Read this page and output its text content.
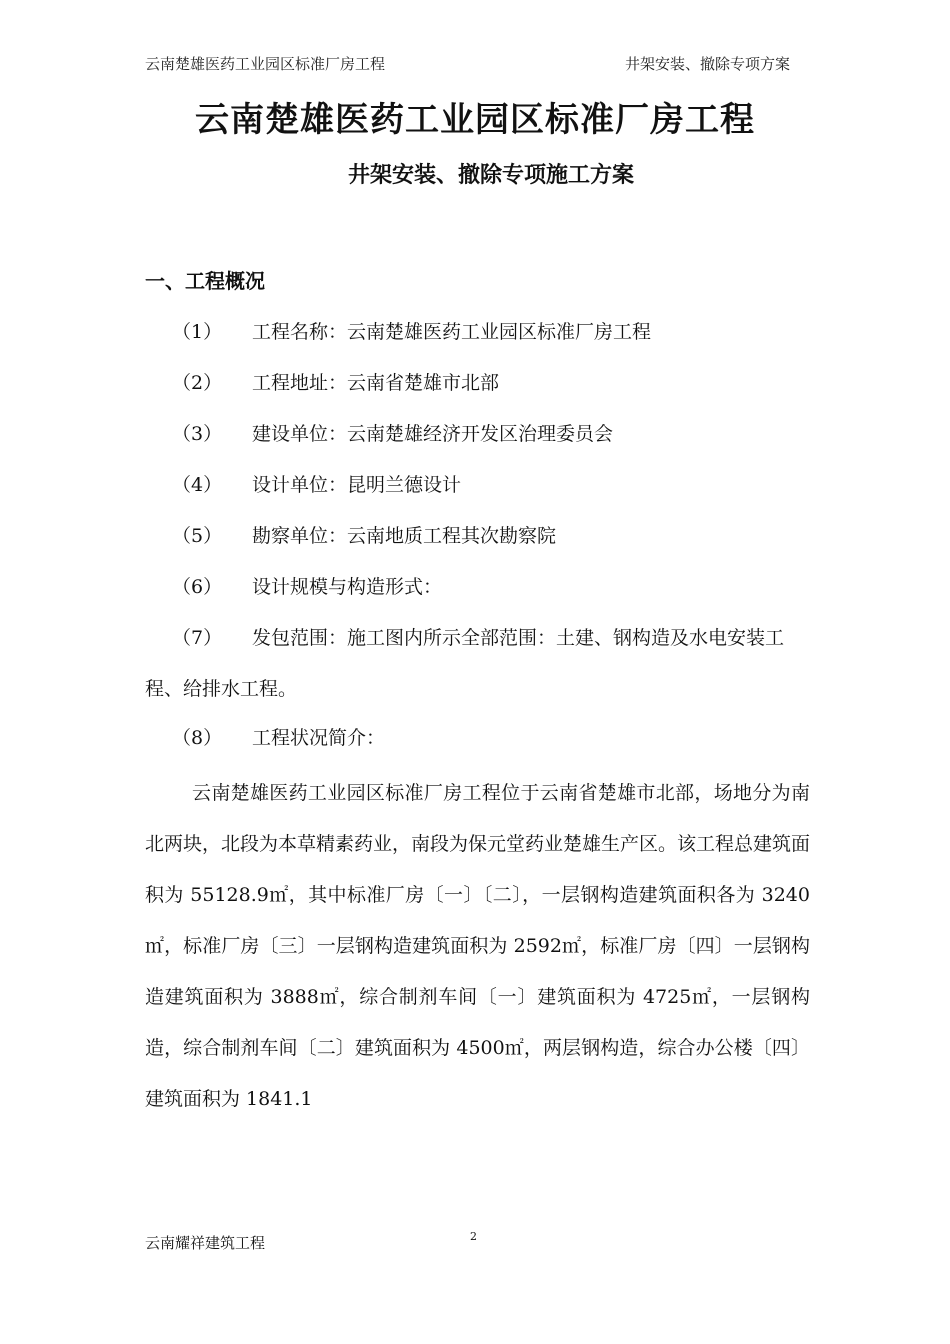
云南楚雄医药工业园区标准厂房工程	井架安装、撤除专项方案
云南楚雄医药工业园区标准厂房工程
井架安装、撤除专项施工方案
一、工程概况
（1） 工程名称：云南楚雄医药工业园区标准厂房工程
（2） 工程地址：云南省楚雄市北部
（3） 建设单位：云南楚雄经济开发区治理委员会
（4） 设计单位：昆明兰德设计
（5） 勘察单位：云南地质工程其次勘察院
（6） 设计规模与构造形式：
（7） 发包范围：施工图内所示全部范围：土建、钢构造及水电安装工
程、给排水工程。
（8） 工程状况简介：
云南楚雄医药工业园区标准厂房工程位于云南省楚雄市北部，场地分为南北两块，北段为本草精素药业，南段为保元堂药业楚雄生产区。该工程总建筑面积为 55128.9㎡，其中标准厂房〔一〕〔二〕，一层钢构造建筑面积各为 3240㎡，标准厂房〔三〕一层钢构造建筑面积为 2592㎡，标准厂房〔四〕一层钢构造建筑面积为 3888㎡，综合制剂车间〔一〕建筑面积为 4725㎡，一层钢构造，综合制剂车间〔二〕建筑面积为 4500㎡，两层钢构造，综合办公楼〔四〕建筑面积为 1841.1
云南耀祥建筑工程	2
